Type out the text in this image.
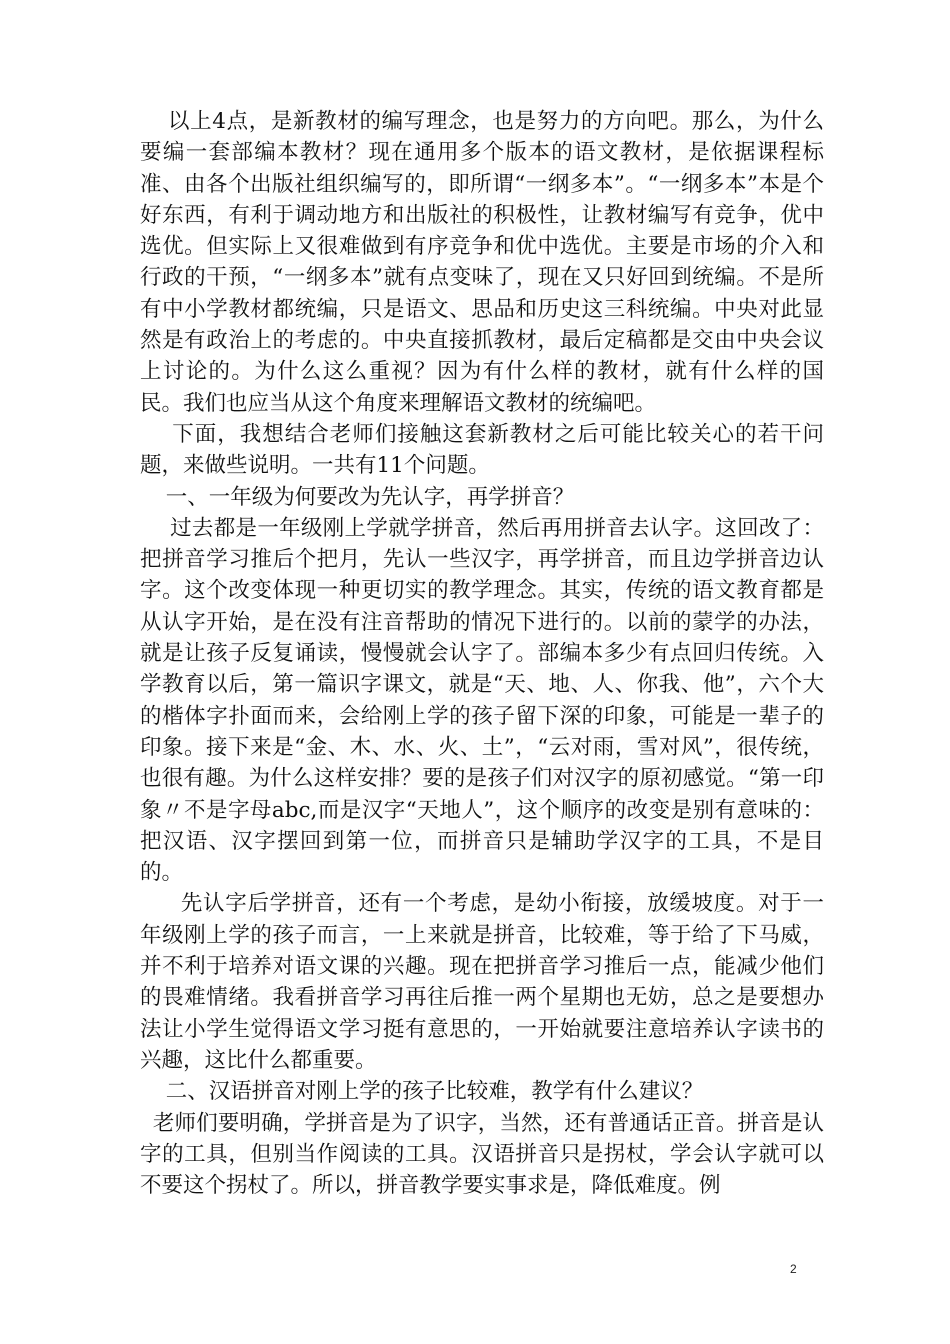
以上4点，是新教材的编写理念，也是努力的方向吧。那么，为什么要编一套部编本教材？现在通用多个版本的语文教材，是依据课程标准、由各个出版社组织编写的，即所谓“一纲多本”。“一纲多本”本是个好东西，有利于调动地方和出版社的积极性，让教材编写有竞争，优中选优。但实际上又很难做到有序竞争和优中选优。主要是市场的介入和行政的干预，“一纲多本”就有点变味了，现在又只好回到统编。不是所有中小学教材都统编，只是语文、思品和历史这三科统编。中央对此显然是有政治上的考虑的。中央直接抓教材，最后定稿都是交由中央会议上讨论的。为什么这么重视？因为有什么样的教材，就有什么样的国民。我们也应当从这个角度来理解语文教材的统编吧。

下面，我想结合老师们接触这套新教材之后可能比较关心的若干问题，来做些说明。一共有11个问题。

一、一年级为何要改为先认字，再学拼音？

过去都是一年级刚上学就学拼音，然后再用拼音去认字。这回改了：把拼音学习推后个把月，先认一些汉字，再学拼音，而且边学拼音边认字。这个改变体现一种更切实的教学理念。其实，传统的语文教育都是从认字开始，是在没有注音帮助的情况下进行的。以前的蒙学的办法，就是让孩子反复诵读，慢慢就会认字了。部编本多少有点回归传统。入学教育以后，第一篇识字课文，就是“天、地、人、你我、他”，六个大的楷体字扑面而来，会给刚上学的孩子留下深的印象，可能是一辈子的印象。接下来是“金、木、水、火、土”，“云对雨，雪对风”，很传统，也很有趣。为什么这样安排？要的是孩子们对汉字的原初感觉。“第一印象〃不是字母abc,而是汉字“天地人”，这个顺序的改变是别有意味的：把汉语、汉字摆回到第一位，而拼音只是辅助学汉字的工具，不是目的。

先认字后学拼音，还有一个考虑，是幼小衔接，放缓坡度。对于一年级刚上学的孩子而言，一上来就是拼音，比较难，等于给了下马威，并不利于培养对语文课的兴趣。现在把拼音学习推后一点，能减少他们的畏难情绪。我看拼音学习再往后推一两个星期也无妨，总之是要想办法让小学生觉得语文学习挺有意思的，一开始就要注意培养认字读书的兴趣，这比什么都重要。

二、汉语拼音对刚上学的孩子比较难，教学有什么建议？

老师们要明确，学拼音是为了识字，当然，还有普通话正音。拼音是认字的工具，但别当作阅读的工具。汉语拼音只是拐杖，学会认字就可以不要这个拐杖了。所以，拼音教学要实事求是，降低难度。例

2
